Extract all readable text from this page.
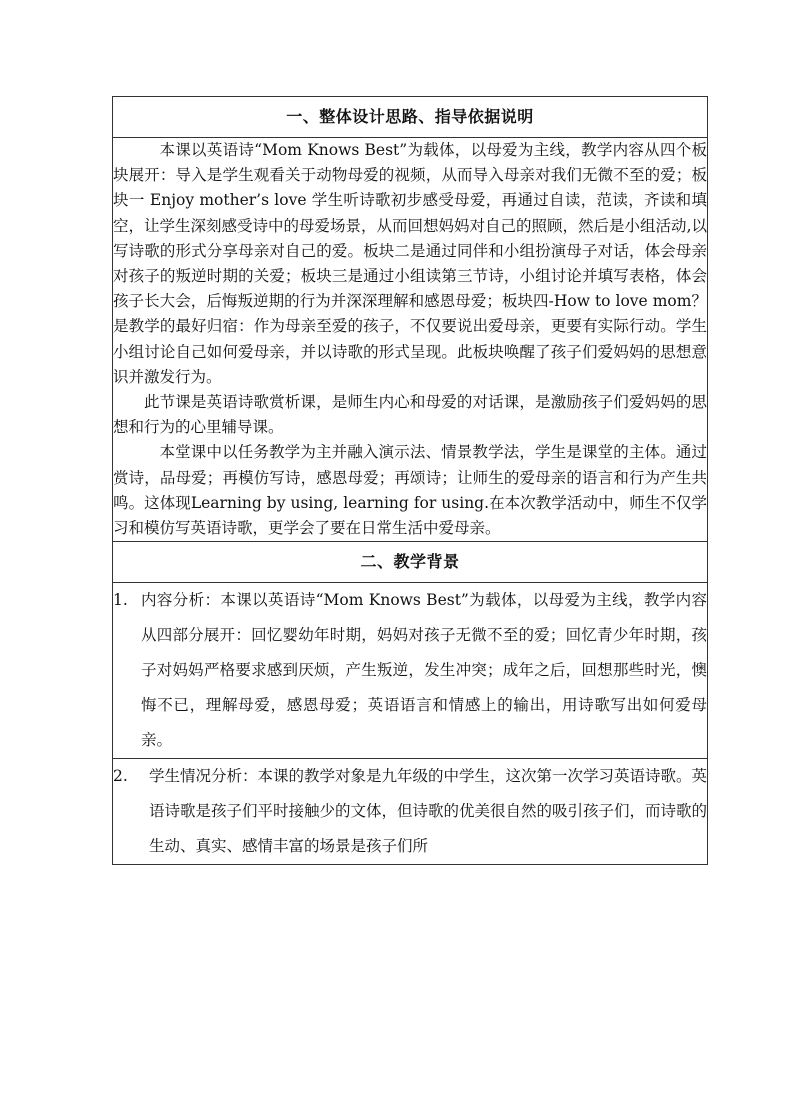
一、整体设计思路、指导依据说明

本课以英语诗“Mom Knows Best”为载体，以母爱为主线，教学内容从四个板块展开：导入是学生观看关于动物母爱的视频，从而导入母亲对我们无微不至的爱；板块一 Enjoy mother’s love 学生听诗歌初步感受母爱，再通过自读，范读，齐读和填空，让学生深刻感受诗中的母爱场景，从而回想妈妈对自己的照顾，然后是小组活动,以写诗歌的形式分享母亲对自己的爱。板块二是通过同伴和小组扮演母子对话，体会母亲对孩子的叛逆时期的关爱；板块三是通过小组读第三节诗，小组讨论并填写表格，体会孩子长大会，后悔叛逆期的行为并深深理解和感恩母爱；板块四-How to love mom？是教学的最好归宿：作为母亲至爱的孩子，不仅要说出爱母亲，更要有实际行动。学生小组讨论自己如何爱母亲，并以诗歌的形式呈现。此板块唤醒了孩子们爱妈妈的思想意识并激发行为。

此节课是英语诗歌赏析课，是师生内心和母爱的对话课，是激励孩子们爱妈妈的思想和行为的心里辅导课。

本堂课中以任务教学为主并融入演示法、情景教学法，学生是课堂的主体。通过赏诗，品母爱；再模仿写诗，感恩母爱；再颂诗；让师生的爱母亲的语言和行为产生共鸣。这体现Learning by using, learning for using.在本次教学活动中，师生不仅学习和模仿写英语诗歌，更学会了要在日常生活中爱母亲。

二、教学背景

1. 内容分析：本课以英语诗“Mom Knows Best”为载体，以母爱为主线，教学内容从四部分展开：回忆婴幼年时期，妈妈对孩子无微不至的爱；回忆青少年时期，孩子对妈妈严格要求感到厌烦，产生叛逆，发生冲突；成年之后，回想那些时光，懊悔不已，理解母爱，感恩母爱；英语语言和情感上的输出，用诗歌写出如何爱母亲。

2.	学生情况分析：本课的教学对象是九年级的中学生，这次第一次学习英语诗歌。英语诗歌是孩子们平时接触少的文体，但诗歌的优美很自然的吸引孩子们，而诗歌的生动、真实、感情丰富的场景是孩子们所
